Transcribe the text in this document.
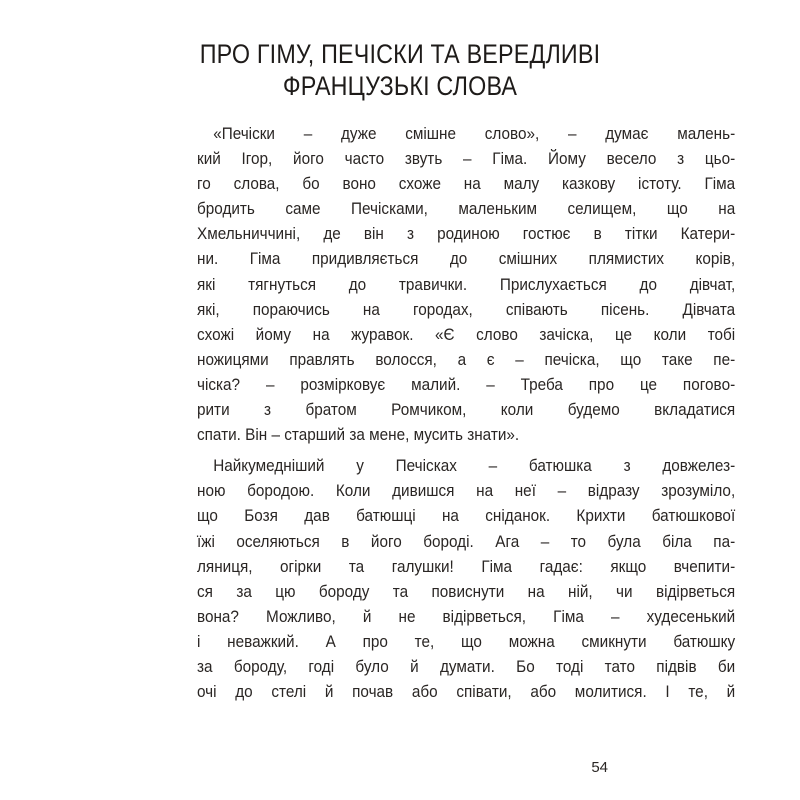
ПРО ГІМУ, ПЕЧІСКИ ТА ВЕРЕДЛИВІ
ФРАНЦУЗЬКІ СЛОВА
«Печіски – дуже смішне слово», – думає малень-
кий Ігор, його часто звуть – Гіма. Йому весело з цьо-
го слова, бо воно схоже на малу казкову істоту. Гіма
бродить саме Печісками, маленьким селищем, що на
Хмельниччині, де він з родиною гостює в тітки Катери-
ни. Гіма придивляється до смішних плямистих корів,
які тягнуться до травички. Прислухається до дівчат,
які, пораючись на городах, співають пісень. Дівчата
схожі йому на журавок. «Є слово зачіска, це коли тобі
ножицями правлять волосся, а є – печіска, що таке пе-
чіска? – розмірковує малий. – Треба про це поговo-
рити з братом Ромчиком, коли будемо вкладатися
спати. Він – старший за мене, мусить знати».
Найкумедніший у Печісках – батюшка з довжелез-
ною бородою. Коли дивишся на неї – відразу зрозуміло,
що Бозя дав батюшці на сніданок. Крихти батюшкової
їжі оселяються в його бороді. Ага – то була біла па-
ляниця, огірки та галушки! Гіма гадає: якщо вчепити-
ся за цю бороду та повиснути на ній, чи відірветься
вона? Можливо, й не відірветься, Гіма – худесенький
і неважкий. А про те, що можна смикнути батюшку
за бороду, годі було й думати. Бо тоді тато підвів би
очі до стелі й почав або співати, або молитися. І те, й
54
